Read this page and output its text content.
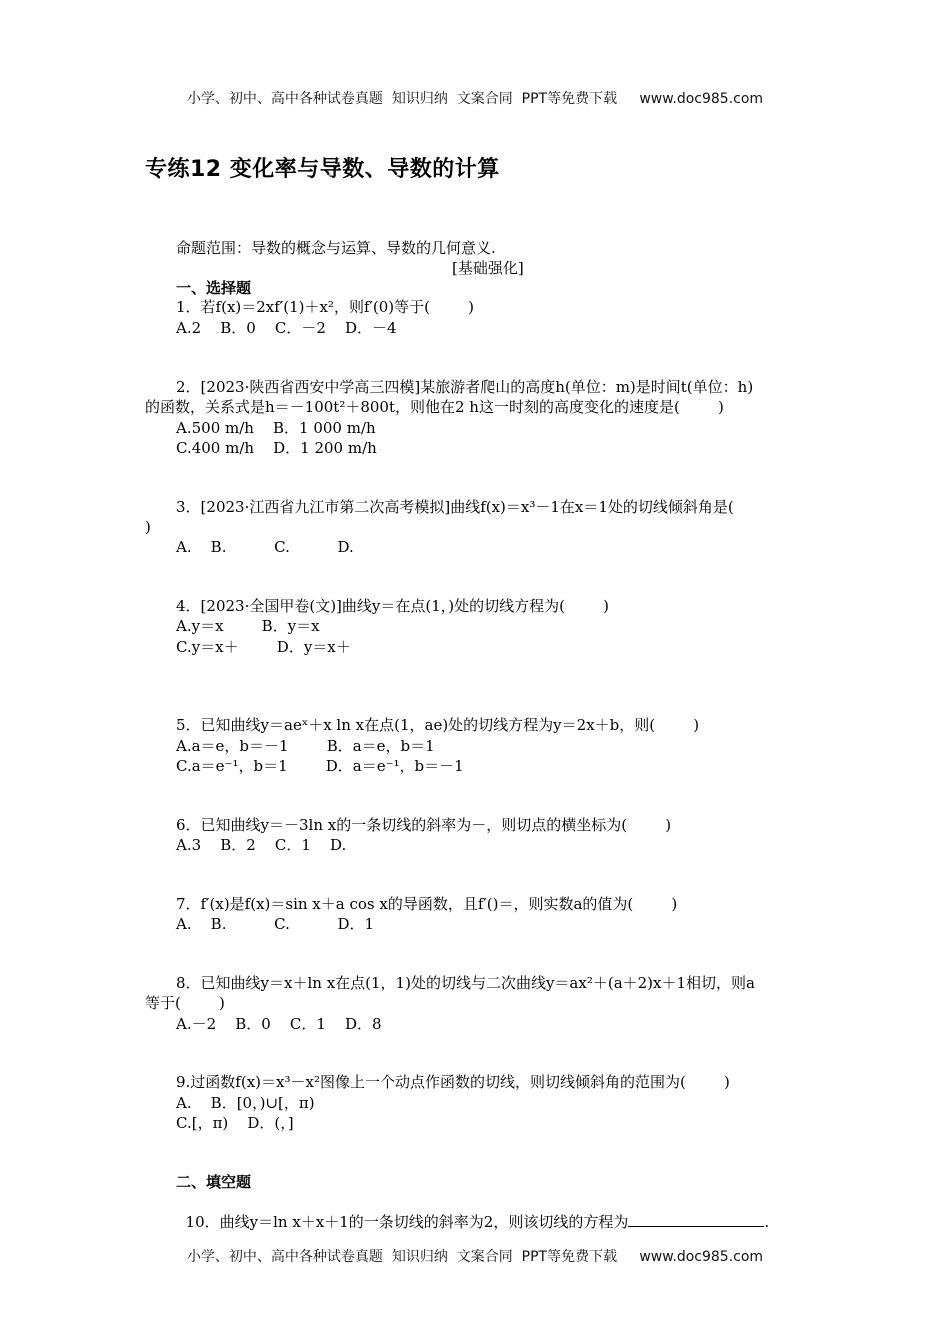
小学、初中、高中各种试卷真题  知识归纳  文案合同  PPT等免费下载     www.doc985.com
专练12 变化率与导数、导数的计算
命题范围：导数的概念与运算、导数的几何意义.
[基础强化]
一、选择题
1．若f(x)＝2xf′(1)＋x²，则f′(0)等于(        )
A.2    B．0    C．－2    D．－4
2．[2023·陕西省西安中学高三四模]某旅游者爬山的高度h(单位：m)是时间t(单位：h)
的函数，关系式是h＝－100t²＋800t，则他在2 h这一时刻的高度变化的速度是(        )
A.500 m/h    B．1 000 m/h
C.400 m/h    D．1 200 m/h
3．[2023·江西省九江市第二次高考模拟]曲线f(x)＝x³－1在x＝1处的切线倾斜角是(
)
A.    B.          C.          D.
4．[2023·全国甲卷(文)]曲线y＝在点(1，)处的切线方程为(        )
A.y＝x        B．y＝x
C.y＝x＋        D．y＝x＋
5．已知曲线y＝aeˣ＋x ln x在点(1，ae)处的切线方程为y＝2x＋b，则(        )
A.a＝e，b＝－1        B．a＝e，b＝1
C.a＝e⁻¹，b＝1        D．a＝e⁻¹，b＝－1
6．已知曲线y＝－3ln x的一条切线的斜率为－，则切点的横坐标为(        )
A.3    B．2    C．1    D.
7．f′(x)是f(x)＝sin x＋a cos x的导函数，且f′()＝，则实数a的值为(        )
A.    B.          C.          D．1
8．已知曲线y＝x＋ln x在点(1，1)处的切线与二次曲线y＝ax²＋(a＋2)x＋1相切，则a
等于(        )
A.－2    B．0    C．1    D．8
9.过函数f(x)＝x³－x²图像上一个动点作函数的切线，则切线倾斜角的范围为(        )
A.    B．[0，)∪[，π)
C.[，π)    D．(，]
二、填空题

10．曲线y＝ln x＋x＋1的一条切线的斜率为2，则该切线的方程为	.

小学、初中、高中各种试卷真题  知识归纳  文案合同  PPT等免费下载     www.doc985.com
